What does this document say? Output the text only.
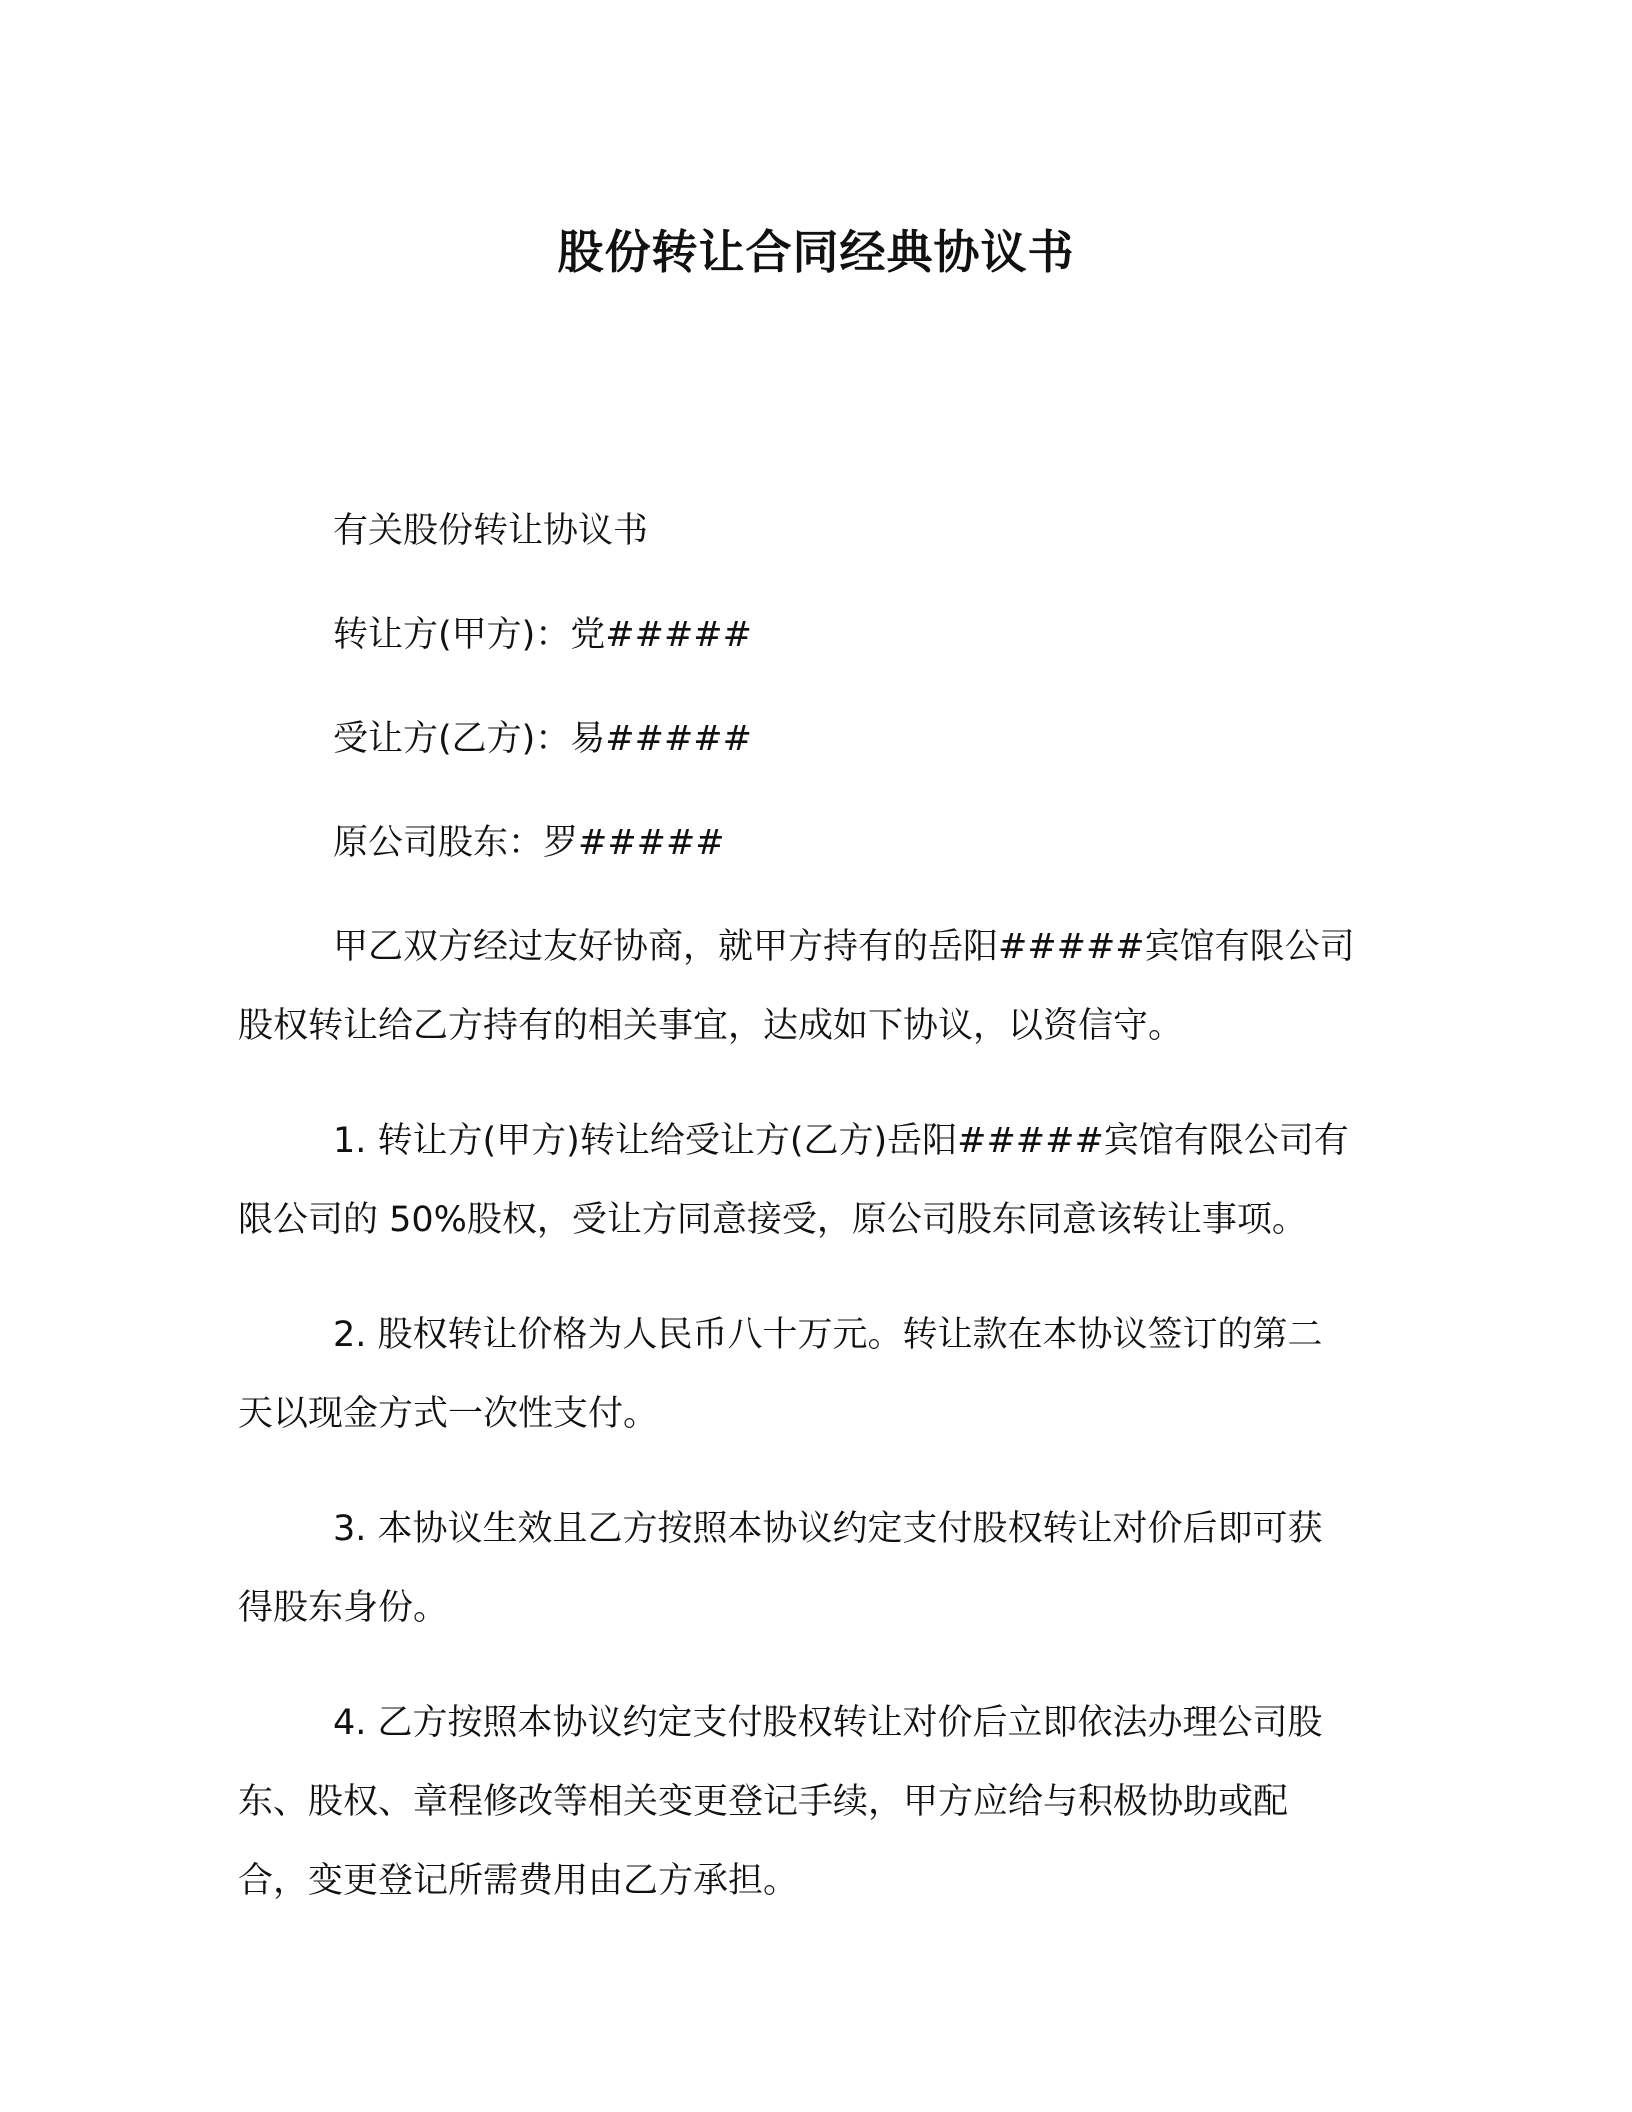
股份转让合同经典协议书
有关股份转让协议书
转让方(甲方)：党#####
受让方(乙方)：易#####
原公司股东：罗#####
甲乙双方经过友好协商，就甲方持有的岳阳#####宾馆有限公司
股权转让给乙方持有的相关事宜，达成如下协议，以资信守。
1. 转让方(甲方)转让给受让方(乙方)岳阳#####宾馆有限公司有
限公司的 50%股权，受让方同意接受，原公司股东同意该转让事项。
2. 股权转让价格为人民币八十万元。转让款在本协议签订的第二
天以现金方式一次性支付。
3. 本协议生效且乙方按照本协议约定支付股权转让对价后即可获
得股东身份。
4. 乙方按照本协议约定支付股权转让对价后立即依法办理公司股
东、股权、章程修改等相关变更登记手续，甲方应给与积极协助或配
合，变更登记所需费用由乙方承担。
